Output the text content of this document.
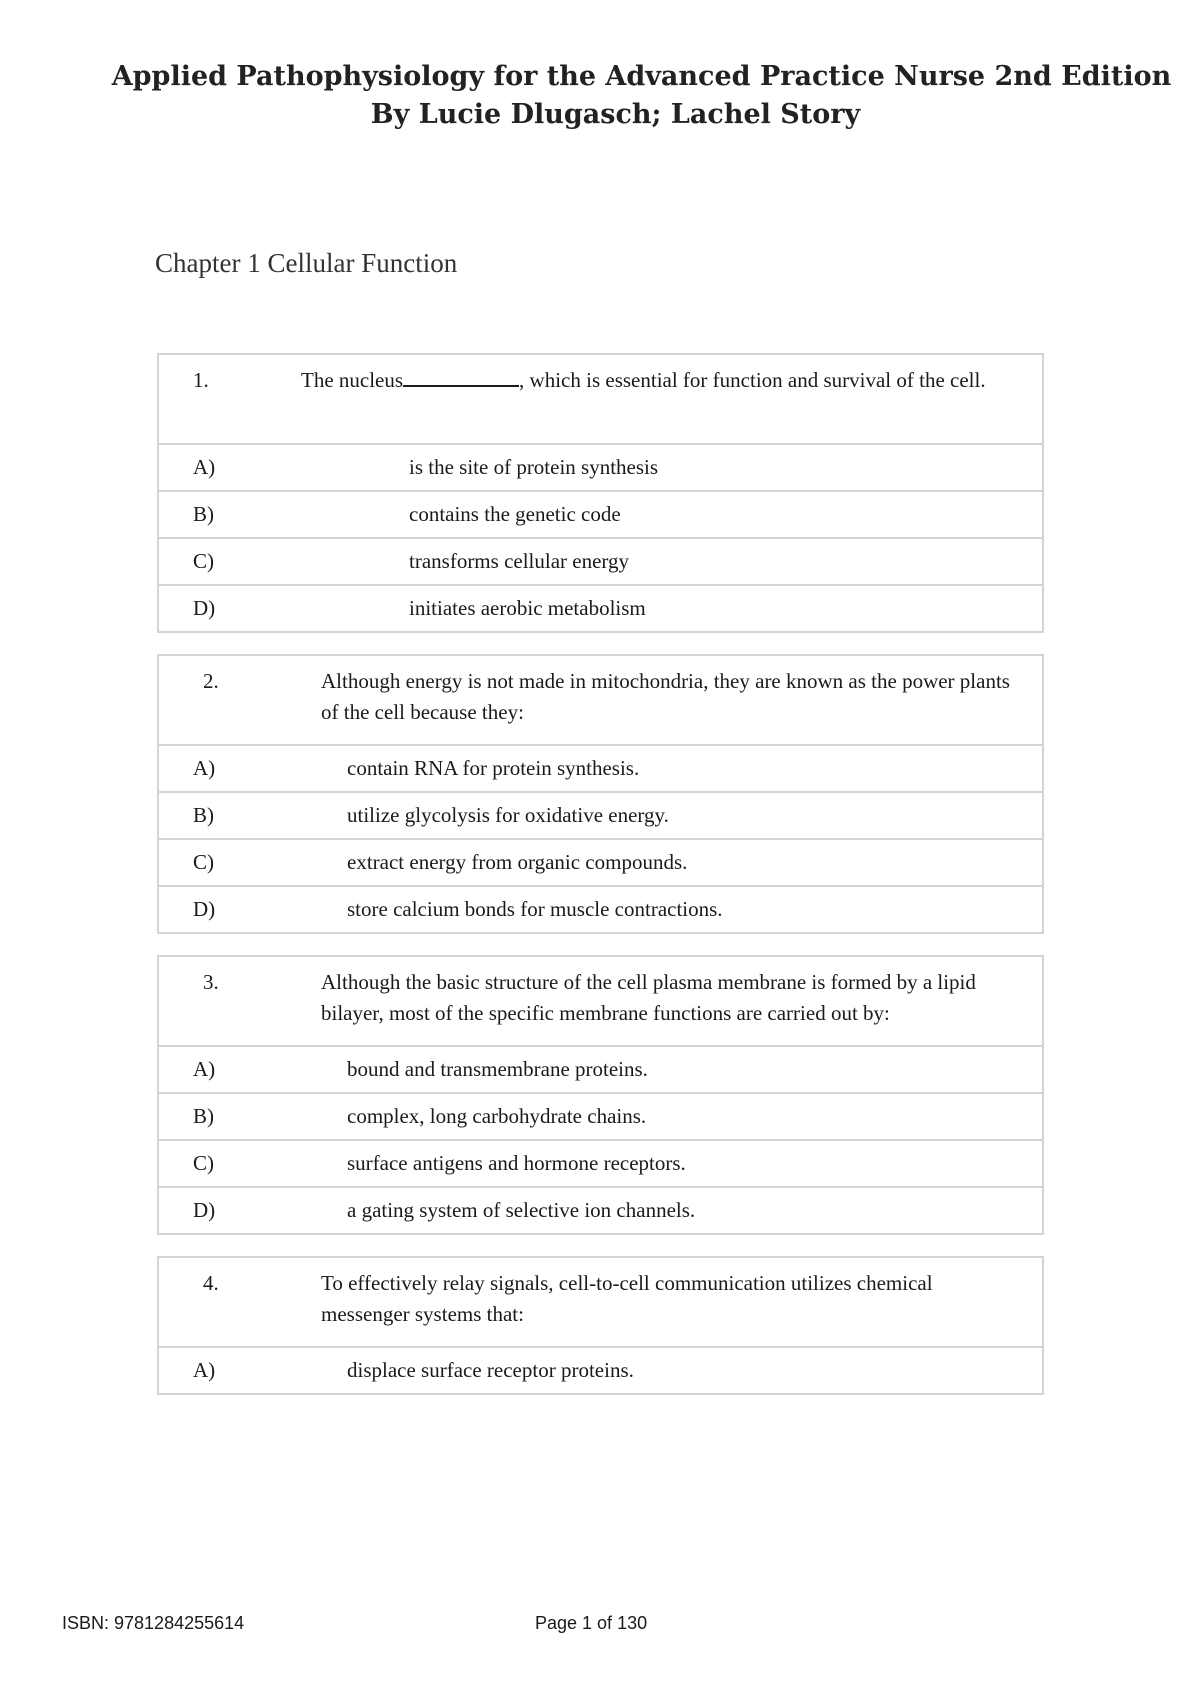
Applied Pathophysiology for the Advanced Practice Nurse 2nd Edition
By Lucie Dlugasch; Lachel Story
Chapter 1 Cellular Function
1.	The nucleus , which is essential for function and survival of the cell.
A)	is the site of protein synthesis
B)	contains the genetic code
C)	transforms cellular energy
D)	initiates aerobic metabolism
2.	Although energy is not made in mitochondria, they are known as the power plants of the cell because they:
A)	contain RNA for protein synthesis.
B)	utilize glycolysis for oxidative energy.
C)	extract energy from organic compounds.
D)	store calcium bonds for muscle contractions.
3.	Although the basic structure of the cell plasma membrane is formed by a lipid bilayer, most of the specific membrane functions are carried out by:
A)	bound and transmembrane proteins.
B)	complex, long carbohydrate chains.
C)	surface antigens and hormone receptors.
D)	a gating system of selective ion channels.
4.	To effectively relay signals, cell-to-cell communication utilizes chemical messenger systems that:
A)	displace surface receptor proteins.
ISBN: 9781284255614	Page 1 of 130
